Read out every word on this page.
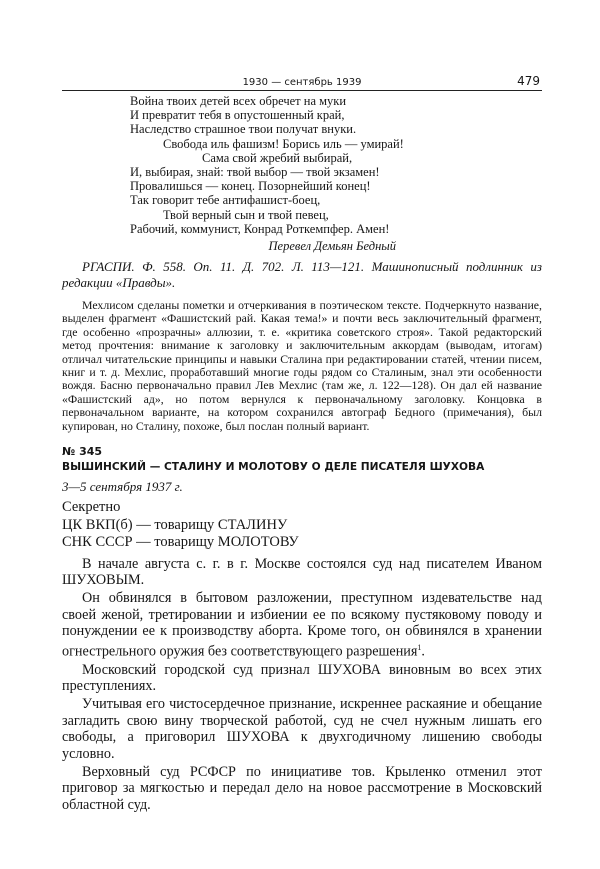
1930 — сентябрь 1939	479
Война твоих детей всех обречет на муки
И превратит тебя в опустошенный край,
Наследство страшное твои получат внуки.
Свобода иль фашизм! Борись иль — умирай!
Сама свой жребий выбирай,
И, выбирая, знай: твой выбор — твой экзамен!
Провалишься — конец. Позорнейший конец!
Так говорит тебе антифашист-боец,
Твой верный сын и твой певец,
Рабочий, коммунист, Конрад Роткемпфер. Амен!
Перевел Демьян Бедный
РГАСПИ. Ф. 558. Оп. 11. Д. 702. Л. 113—121. Машинописный подлинник из редакции «Правды».
Мехлисом сделаны пометки и отчеркивания в поэтическом тексте. Подчеркнуто название, выделен фрагмент «Фашистский рай. Какая тема!» и почти весь заключительный фрагмент, где особенно «прозрачны» аллюзии, т. е. «критика советского строя». Такой редакторский метод прочтения: внимание к заголовку и заключительным аккордам (выводам, итогам) отличал читательские принципы и навыки Сталина при редактировании статей, чтении писем, книг и т. д. Мехлис, проработавший многие годы рядом со Сталиным, знал эти особенности вождя. Басню первоначально правил Лев Мехлис (там же, л. 122—128). Он дал ей название «Фашистский ад», но потом вернулся к первоначальному заголовку. Концовка в первоначальном варианте, на котором сохранился автограф Бедного (примечания), был купирован, но Сталину, похоже, был послан полный вариант.
№ 345
ВЫШИНСКИЙ — СТАЛИНУ И МОЛОТОВУ О ДЕЛЕ ПИСАТЕЛЯ ШУХОВА
3—5 сентября 1937 г.
Секретно
ЦК ВКП(б) — товарищу СТАЛИНУ
СНК СССР — товарищу МОЛОТОВУ

В начале августа с. г. в г. Москве состоялся суд над писателем Иваном ШУХОВЫМ.

Он обвинялся в бытовом разложении, преступном издевательстве над своей женой, третировании и избиении ее по всякому пустяковому поводу и понуждении ее к производству аборта. Кроме того, он обвинялся в хранении огнестрельного оружия без соответствующего разрешения$^1$.

Московский городской суд признал ШУХОВА виновным во всех этих преступлениях.

Учитывая его чистосердечное признание, искреннее раскаяние и обещание загладить свою вину творческой работой, суд не счел нужным лишать его свободы, а приговорил ШУХОВА к двухгодичному лишению свободы условно.

Верховный суд РСФСР по инициативе тов. Крыленко отменил этот приговор за мягкостью и передал дело на новое рассмотрение в Московский областной суд.
